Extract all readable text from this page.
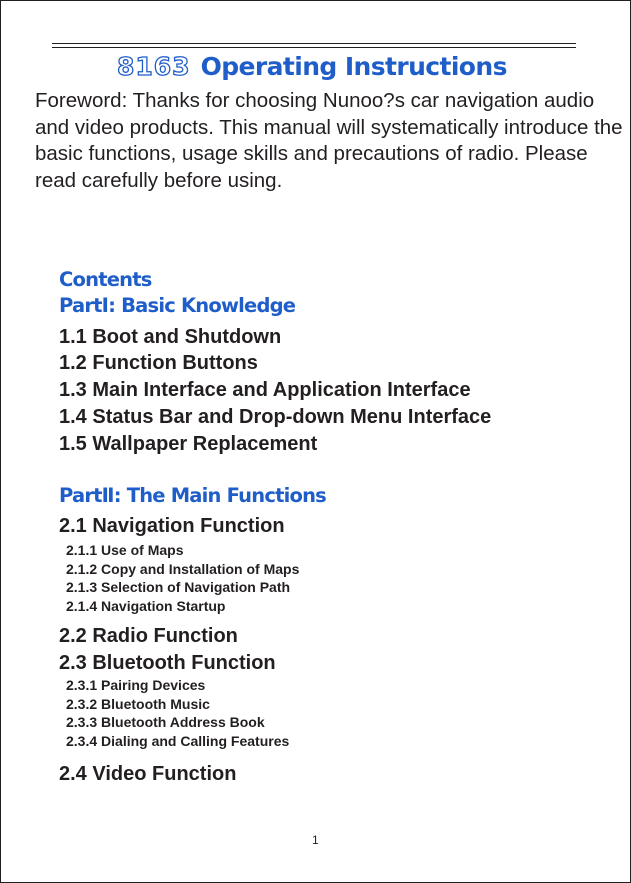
8163 Operating Instructions

Foreword: Thanks for choosing Nunoo?s car navigation audio and video products. This manual will systematically introduce the basic functions, usage skills and precautions of radio. Please read carefully before using.

Contents
PartⅠ: Basic Knowledge
1.1 Boot and Shutdown
1.2 Function Buttons
1.3 Main Interface and Application Interface
1.4 Status Bar and Drop-down Menu Interface
1.5 Wallpaper Replacement
PartⅡ: The Main Functions
2.1 Navigation Function
2.1.1 Use of Maps
2.1.2 Copy and Installation of Maps
2.1.3 Selection of Navigation Path
2.1.4 Navigation Startup
2.2 Radio Function
2.3 Bluetooth Function
2.3.1 Pairing Devices
2.3.2 Bluetooth Music
2.3.3 Bluetooth Address Book
2.3.4 Dialing and Calling Features
2.4 Video Function
1
